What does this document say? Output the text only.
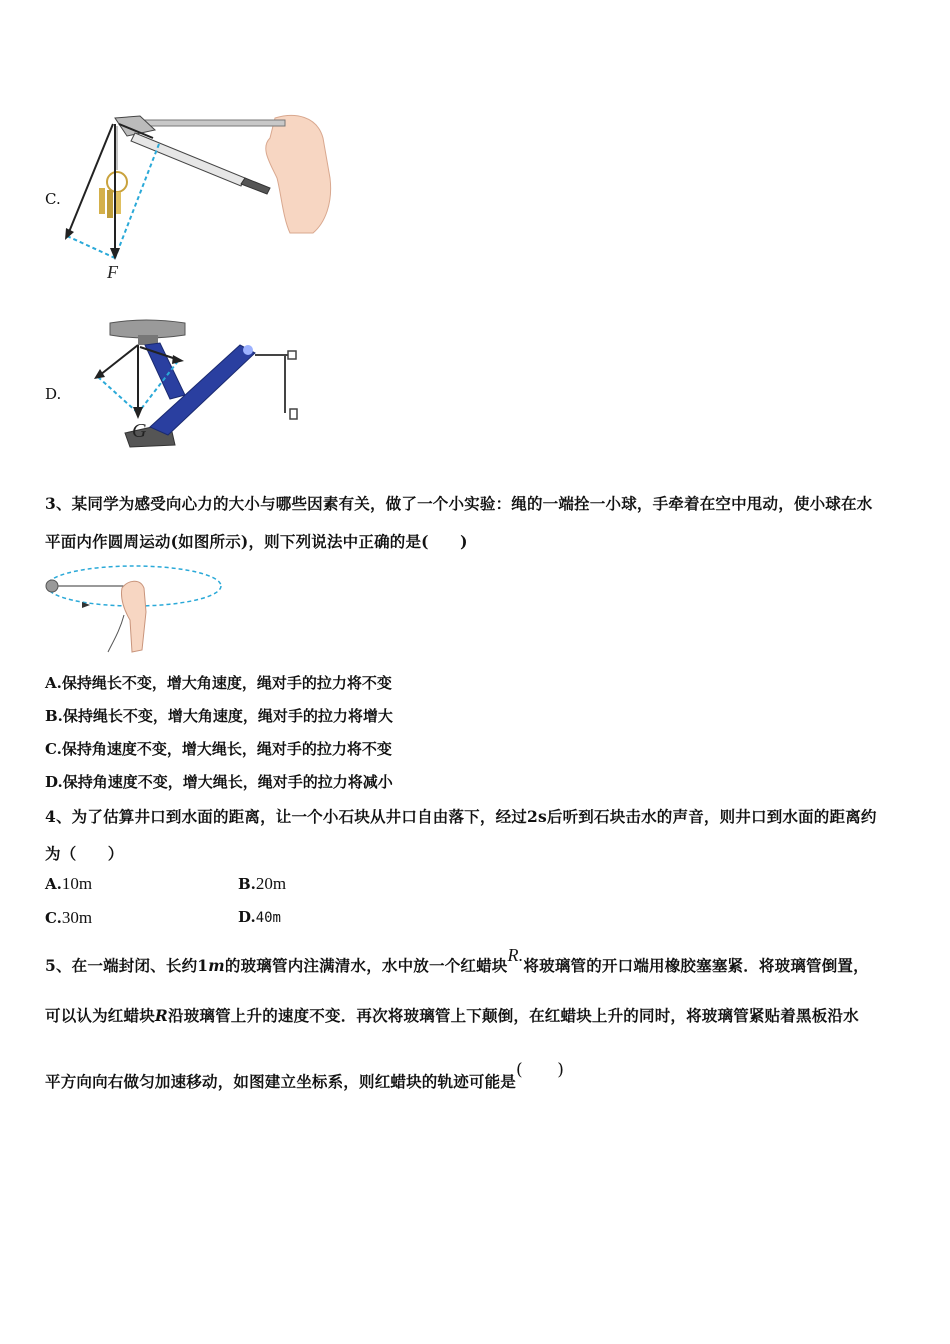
C.
F
D.
G
3、某同学为感受向心力的大小与哪些因素有关，做了一个小实验：绳的一端拴一小球，手牵着在空中甩动，使小球在水
平面内作圆周运动(如图所示)，则下列说法中正确的是(　　)
A.保持绳长不变，增大角速度，绳对手的拉力将不变
B.保持绳长不变，增大角速度，绳对手的拉力将增大
C.保持角速度不变，增大绳长，绳对手的拉力将不变
D.保持角速度不变，增大绳长，绳对手的拉力将减小
4、为了估算井口到水面的距离，让一个小石块从井口自由落下，经过2s后听到石块击水的声音，则井口到水面的距离约
为（　　）
A.10m	B.20m
C.30m	D.40m
5、在一端封闭、长约1m的玻璃管内注满清水，水中放一个红蜡块R.将玻璃管的开口端用橡胶塞塞紧．将玻璃管倒置，
可以认为红蜡块R沿玻璃管上升的速度不变．再次将玻璃管上下颠倒，在红蜡块上升的同时，将玻璃管紧贴着黑板沿水
平方向向右做匀加速移动，如图建立坐标系，则红蜡块的轨迹可能是(　　)
